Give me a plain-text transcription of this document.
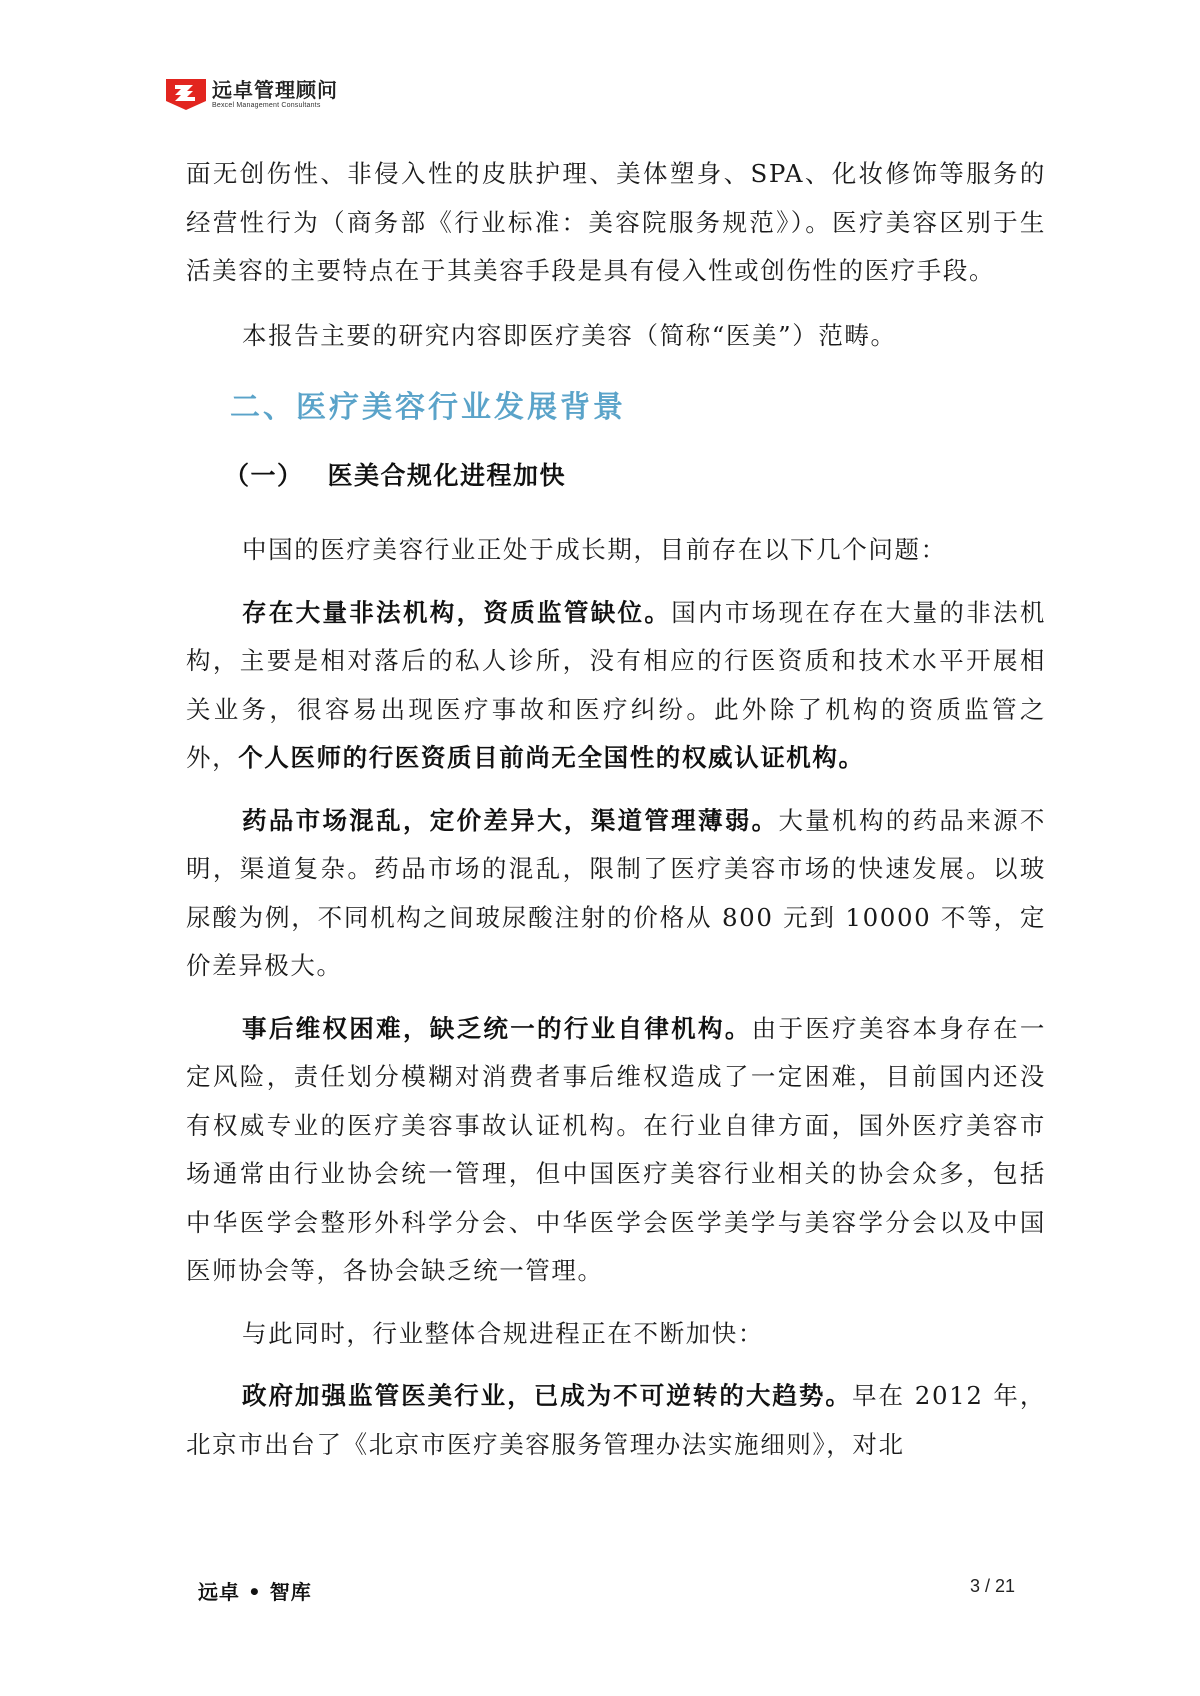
远卓管理顾问
Bexcel Management Consultants

面无创伤性、非侵入性的皮肤护理、美体塑身、SPA、化妆修饰等服务的经营性行为（商务部《行业标准：美容院服务规范》）。医疗美容区别于生活美容的主要特点在于其美容手段是具有侵入性或创伤性的医疗手段。

本报告主要的研究内容即医疗美容（简称“医美”）范畴。

二、医疗美容行业发展背景
（一） 医美合规化进程加快

中国的医疗美容行业正处于成长期，目前存在以下几个问题：

存在大量非法机构，资质监管缺位。国内市场现在存在大量的非法机构，主要是相对落后的私人诊所，没有相应的行医资质和技术水平开展相关业务，很容易出现医疗事故和医疗纠纷。此外除了机构的资质监管之外，个人医师的行医资质目前尚无全国性的权威认证机构。

药品市场混乱，定价差异大，渠道管理薄弱。大量机构的药品来源不明，渠道复杂。药品市场的混乱，限制了医疗美容市场的快速发展。以玻尿酸为例，不同机构之间玻尿酸注射的价格从 800 元到 10000 不等，定价差异极大。

事后维权困难，缺乏统一的行业自律机构。由于医疗美容本身存在一定风险，责任划分模糊对消费者事后维权造成了一定困难，目前国内还没有权威专业的医疗美容事故认证机构。在行业自律方面，国外医疗美容市场通常由行业协会统一管理，但中国医疗美容行业相关的协会众多，包括中华医学会整形外科学分会、中华医学会医学美学与美容学分会以及中国医师协会等，各协会缺乏统一管理。

与此同时，行业整体合规进程正在不断加快：

政府加强监管医美行业，已成为不可逆转的大趋势。早在 2012 年，北京市出台了《北京市医疗美容服务管理办法实施细则》，对北

远卓 • 智库	3 / 21
